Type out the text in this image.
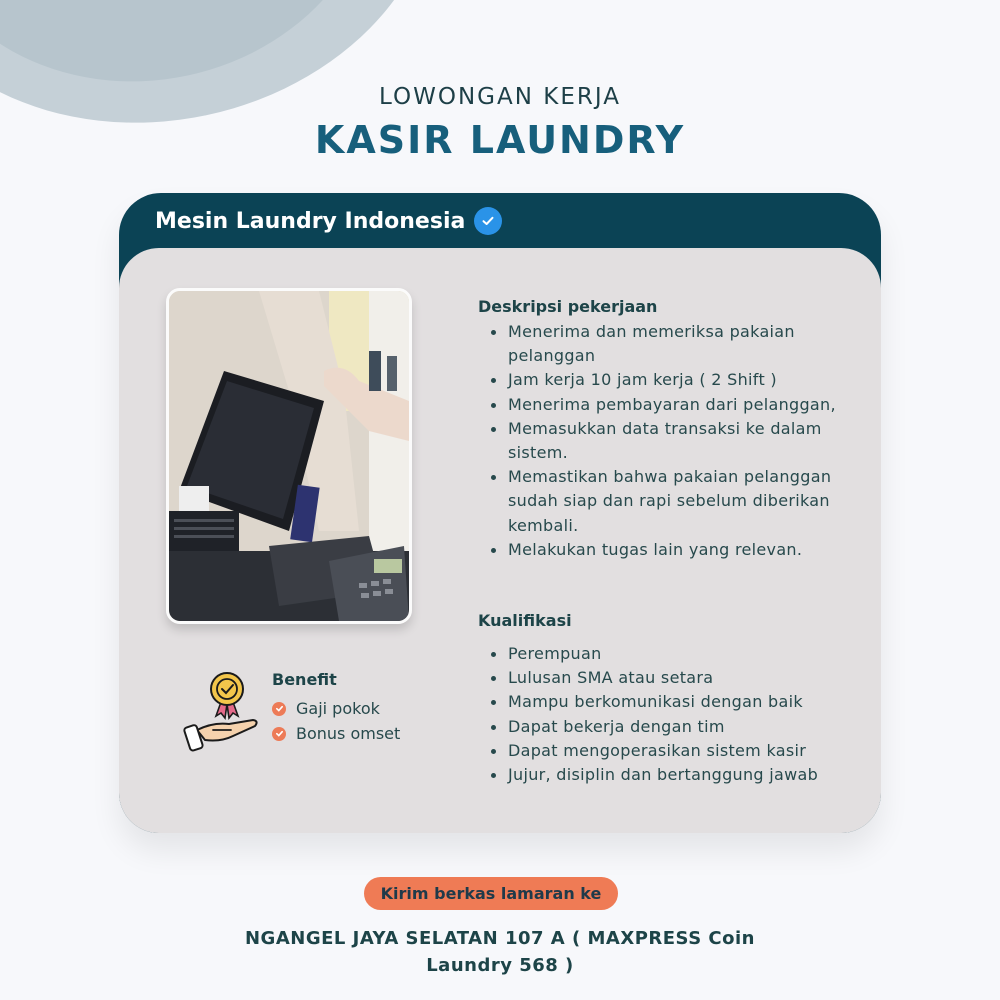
LOWONGAN KERJA
KASIR LAUNDRY
Mesin Laundry Indonesia
Benefit
Gaji pokok
Bonus omset
Deskripsi pekerjaan
Menerima dan memeriksa pakaian pelanggan
Jam kerja 10 jam kerja ( 2 Shift )
Menerima pembayaran dari pelanggan,
Memasukkan data transaksi ke dalam sistem.
Memastikan bahwa pakaian pelanggan sudah siap dan rapi sebelum diberikan kembali.
Melakukan tugas lain yang relevan.
Kualifikasi
Perempuan
Lulusan SMA atau setara
Mampu berkomunikasi dengan baik
Dapat bekerja dengan tim
Dapat mengoperasikan sistem kasir
Jujur, disiplin dan bertanggung jawab
Kirim berkas lamaran ke
NGANGEL JAYA SELATAN 107 A ( MAXPRESS Coin Laundry 568 )
